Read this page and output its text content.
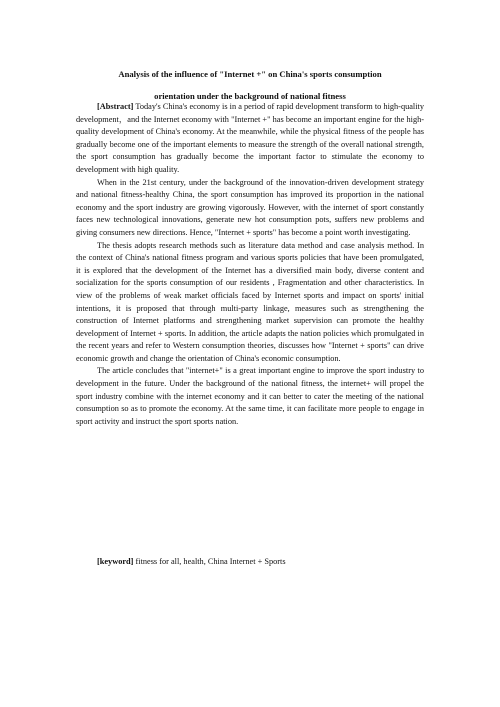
Analysis of the influence of "Internet +" on China's sports consumption
orientation under the background of national fitness

[Abstract] Today's China's economy is in a period of rapid development transform to high-quality development，and the Internet economy with "Internet +" has become an important engine for the high-quality development of China's economy. At the meanwhile, while the physical fitness of the people has gradually become one of the important elements to measure the strength of the overall national strength, the sport consumption has gradually become the important factor to stimulate the economy to development with high quality.

When in the 21st century, under the background of the innovation-driven development strategy and national fitness-healthy China, the sport consumption has improved its proportion in the national economy and the sport industry are growing vigorously. However, with the internet of sport constantly faces new technological innovations, generate new hot consumption pots, suffers new problems and giving consumers new directions. Hence, "Internet + sports" has become a point worth investigating.

The thesis adopts research methods such as literature data method and case analysis method. In the context of China's national fitness program and various sports policies that have been promulgated, it is explored that the development of the Internet has a diversified main body, diverse content and socialization for the sports consumption of our residents , Fragmentation and other characteristics. In view of the problems of weak market officials faced by Internet sports and impact on sports' initial intentions, it is proposed that through multi-party linkage, measures such as strengthening the construction of Internet platforms and strengthening market supervision can promote the healthy development of Internet + sports. In addition, the article adapts the nation policies which promulgated in the recent years and refer to Western consumption theories, discusses how "Internet + sports" can drive economic growth and change the orientation of China's economic consumption.

The article concludes that "internet+" is a great important engine to improve the sport industry to development in the future. Under the background of the national fitness, the internet+ will propel the sport industry combine with the internet economy and it can better to cater the meeting of the national consumption so as to promote the economy. At the same time, it can facilitate more people to engage in sport activity and instruct the sport sports nation.

[keyword] fitness for all, health, China Internet + Sports
